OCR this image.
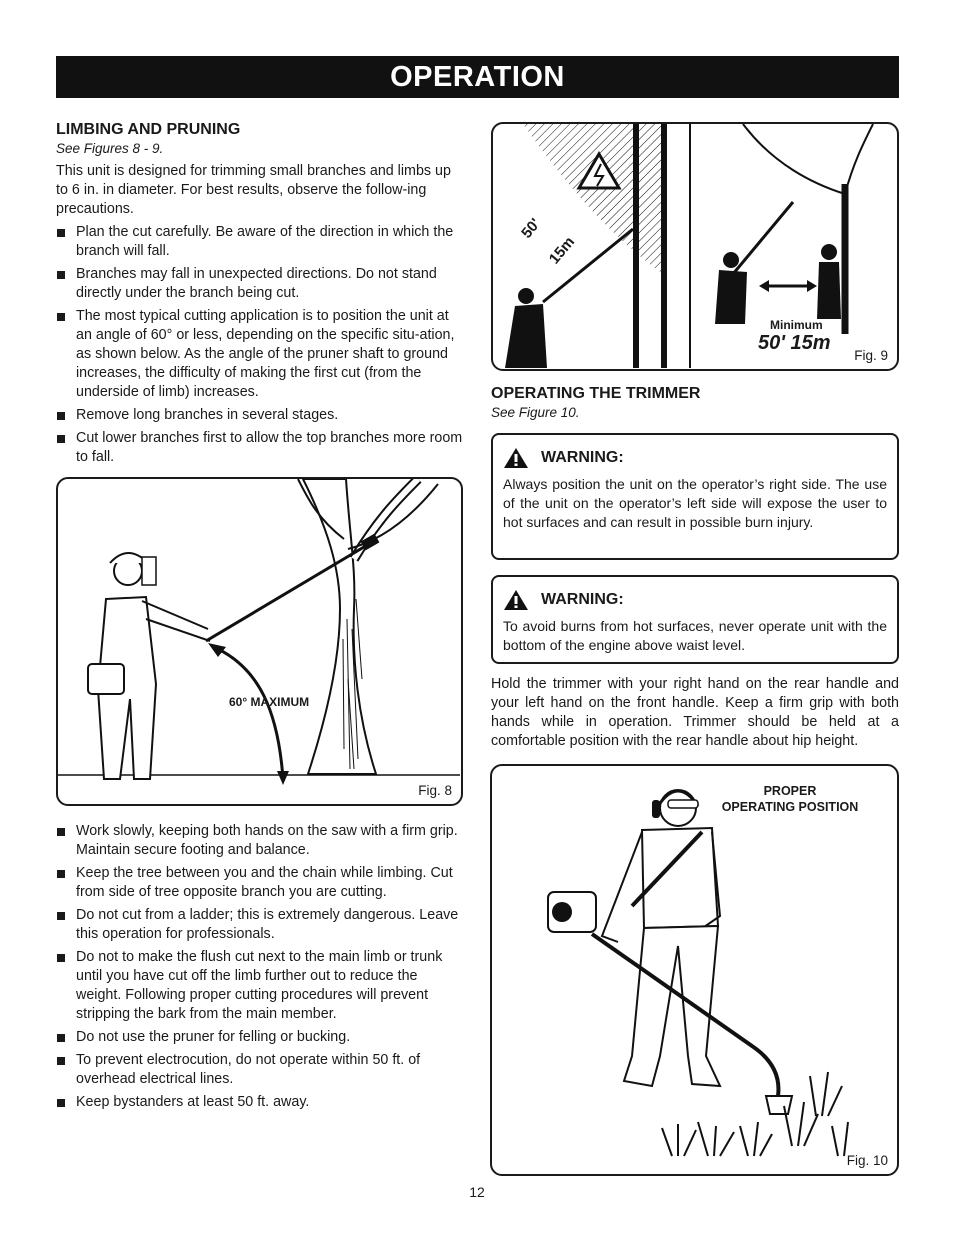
OPERATION
LIMBING AND PRUNING
See Figures 8 - 9.

This unit is designed for trimming small branches and limbs up to 6 in. in diameter. For best results, observe the follow-ing precautions.

Plan the cut carefully. Be aware of the direction in which the branch will fall.
Branches may fall in unexpected directions. Do not stand directly under the branch being cut.
The most typical cutting application is to position the unit at an angle of 60° or less, depending on the specific situ-ation, as shown below. As the angle of the pruner shaft to ground increases, the difficulty of making the first cut (from the underside of limb) increases.
Remove long branches in several stages.
Cut lower branches first to allow the top branches more room to fall.
60° MAXIMUM
Fig. 8
Work slowly, keeping both hands on the saw with a firm grip. Maintain secure footing and balance.
Keep the tree between you and the chain while limbing. Cut from side of tree opposite branch you are cutting.
Do not cut from a ladder; this is extremely dangerous. Leave this operation for professionals.
Do not to make the flush cut next to the main limb or trunk until you have cut off the limb further out to reduce the weight. Following proper cutting procedures will prevent stripping the bark from the main member.
Do not use the pruner for felling or bucking.
To prevent electrocution, do not operate within 50 ft. of overhead electrical lines.
Keep bystanders at least 50 ft. away.
50'
15m
Minimum
50' 15m
Fig. 9
OPERATING THE TRIMMER
See Figure 10.
WARNING:

Always position the unit on the operator’s right side. The use of the unit on the operator’s left side will expose the user to hot surfaces and can result in possible burn injury.

WARNING:

To avoid burns from hot surfaces, never operate unit with the bottom of the engine above waist level.

Hold the trimmer with your right hand on the rear handle and your left hand on the front handle. Keep a firm grip with both hands while in operation. Trimmer should be held at a comfortable position with the rear handle about hip height.

PROPER
OPERATING POSITION
Fig. 10
12
